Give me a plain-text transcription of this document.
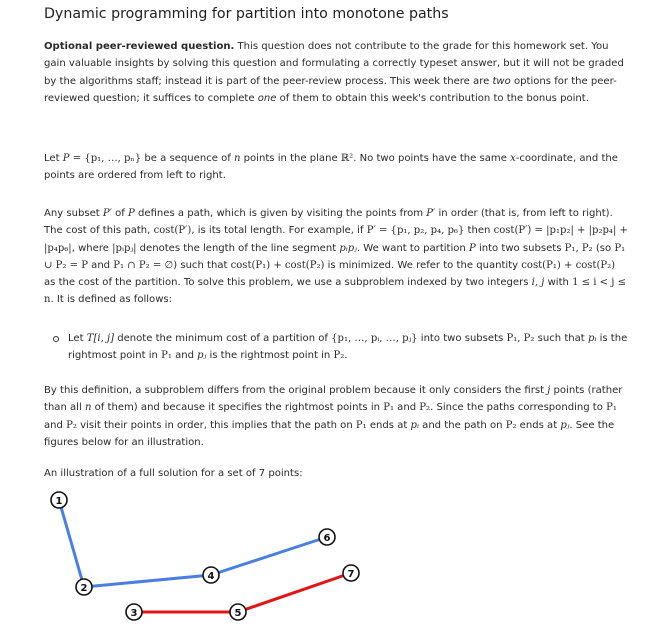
Dynamic programming for partition into monotone paths

Optional peer-reviewed question. This question does not contribute to the grade for this homework set. You gain valuable insights by solving this question and formulating a correctly typeset answer, but it will not be graded by the algorithms staff; instead it is part of the peer-review process. This week there are two options for the peer-reviewed question; it suffices to complete one of them to obtain this week's contribution to the bonus point.

Let P = {p₁, …, pₙ} be a sequence of n points in the plane ℝ². No two points have the same x-coordinate, and the points are ordered from left to right.

Any subset P′ of P defines a path, which is given by visiting the points from P′ in order (that is, from left to right). The cost of this path, cost(P′), is its total length. For example, if P′ = {p₁, p₂, p₄, p₆} then cost(P′) = |p₁p₂| + |p₂p₄| + |p₄p₆|, where |pᵢpⱼ| denotes the length of the line segment pᵢpⱼ. We want to partition P into two subsets P₁, P₂ (so P₁ ∪ P₂ = P and P₁ ∩ P₂ = ∅) such that cost(P₁) + cost(P₂) is minimized. We refer to the quantity cost(P₁) + cost(P₂) as the cost of the partition. To solve this problem, we use a subproblem indexed by two integers i, j with 1 ≤ i < j ≤ n. It is defined as follows:

Let T[i, j] denote the minimum cost of a partition of {p₁, …, pᵢ, …, pⱼ} into two subsets P₁, P₂ such that pᵢ is the rightmost point in P₁ and pⱼ is the rightmost point in P₂.

By this definition, a subproblem differs from the original problem because it only considers the first j points (rather than all n of them) and because it specifies the rightmost points in P₁ and P₂. Since the paths corresponding to P₁ and P₂ visit their points in order, this implies that the path on P₁ ends at pᵢ and the path on P₂ ends at pⱼ. See the figures below for an illustration.

An illustration of a full solution for a set of 7 points:

1
2
3
4
5
6
7
